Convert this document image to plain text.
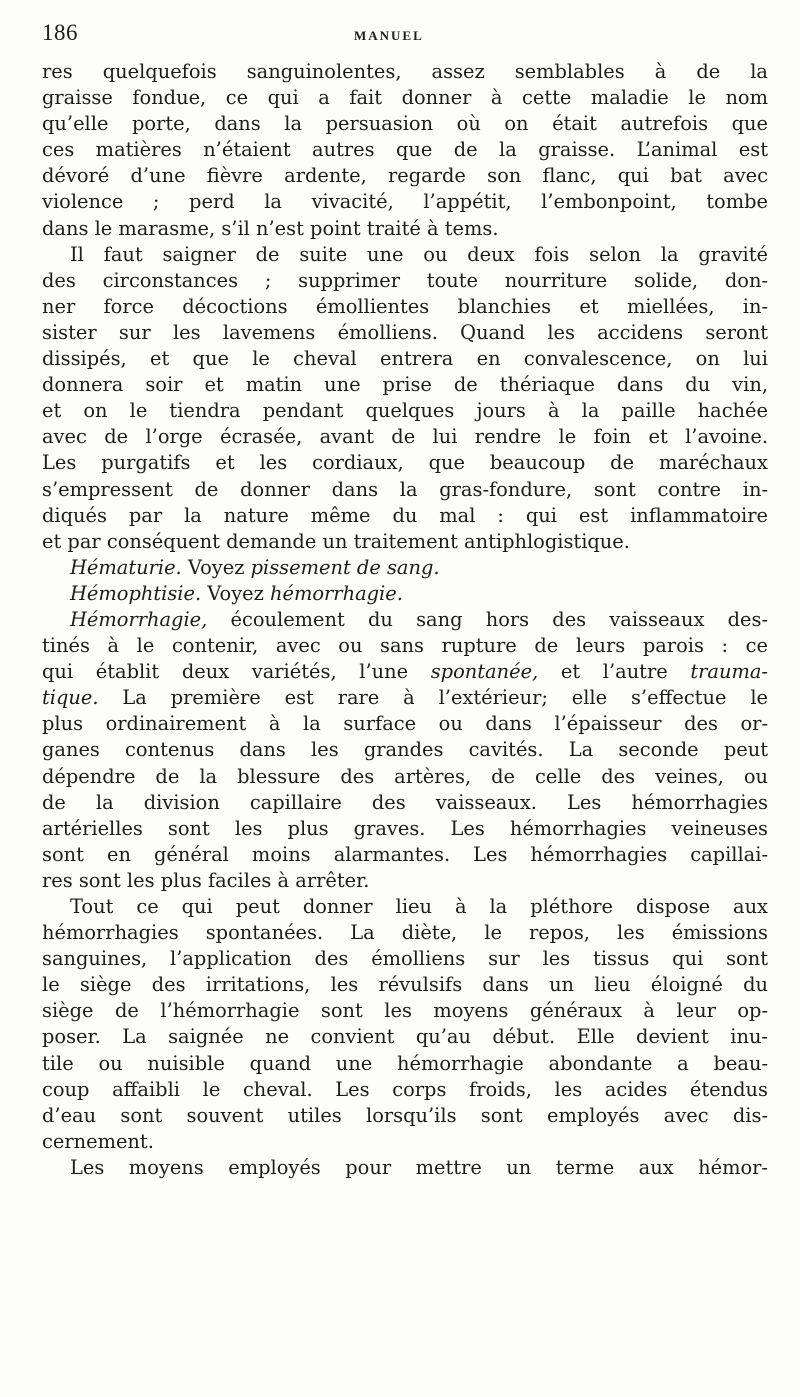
186	MANUEL
res quelquefois sanguinolentes, assez semblables à de la
graisse fondue, ce qui a fait donner à cette maladie le nom
qu’elle porte, dans la persuasion où on était autrefois que
ces matières n’étaient autres que de la graisse. L’animal est
dévoré d’une fièvre ardente, regarde son flanc, qui bat avec
violence ; perd la vivacité, l’appétit, l’embonpoint, tombe
dans le marasme, s’il n’est point traité à tems.
Il faut saigner de suite une ou deux fois selon la gravité
des circonstances ; supprimer toute nourriture solide, don-
ner force décoctions émollientes blanchies et miellées, in-
sister sur les lavemens émolliens. Quand les accidens seront
dissipés, et que le cheval entrera en convalescence, on lui
donnera soir et matin une prise de thériaque dans du vin,
et on le tiendra pendant quelques jours à la paille hachée
avec de l’orge écrasée, avant de lui rendre le foin et l’avoine.
Les purgatifs et les cordiaux, que beaucoup de maréchaux
s’empressent de donner dans la gras-fondure, sont contre in-
diqués par la nature même du mal : qui est inflammatoire
et par conséquent demande un traitement antiphlogistique.
Hématurie. Voyez pissement de sang.
Hémophtisie. Voyez hémorrhagie.
Hémorrhagie, écoulement du sang hors des vaisseaux des-
tinés à le contenir, avec ou sans rupture de leurs parois : ce
qui établit deux variétés, l’une spontanée, et l’autre trauma-
tique. La première est rare à l’extérieur; elle s’effectue le
plus ordinairement à la surface ou dans l’épaisseur des or-
ganes contenus dans les grandes cavités. La seconde peut
dépendre de la blessure des artères, de celle des veines, ou
de la division capillaire des vaisseaux. Les hémorrhagies
artérielles sont les plus graves. Les hémorrhagies veineuses
sont en général moins alarmantes. Les hémorrhagies capillai-
res sont les plus faciles à arrêter.
Tout ce qui peut donner lieu à la pléthore dispose aux
hémorrhagies spontanées. La diète, le repos, les émissions
sanguines, l’application des émolliens sur les tissus qui sont
le siège des irritations, les révulsifs dans un lieu éloigné du
siège de l’hémorrhagie sont les moyens généraux à leur op-
poser. La saignée ne convient qu’au début. Elle devient inu-
tile ou nuisible quand une hémorrhagie abondante a beau-
coup affaibli le cheval. Les corps froids, les acides étendus
d’eau sont souvent utiles lorsqu’ils sont employés avec dis-
cernement.
Les moyens employés pour mettre un terme aux hémor-
